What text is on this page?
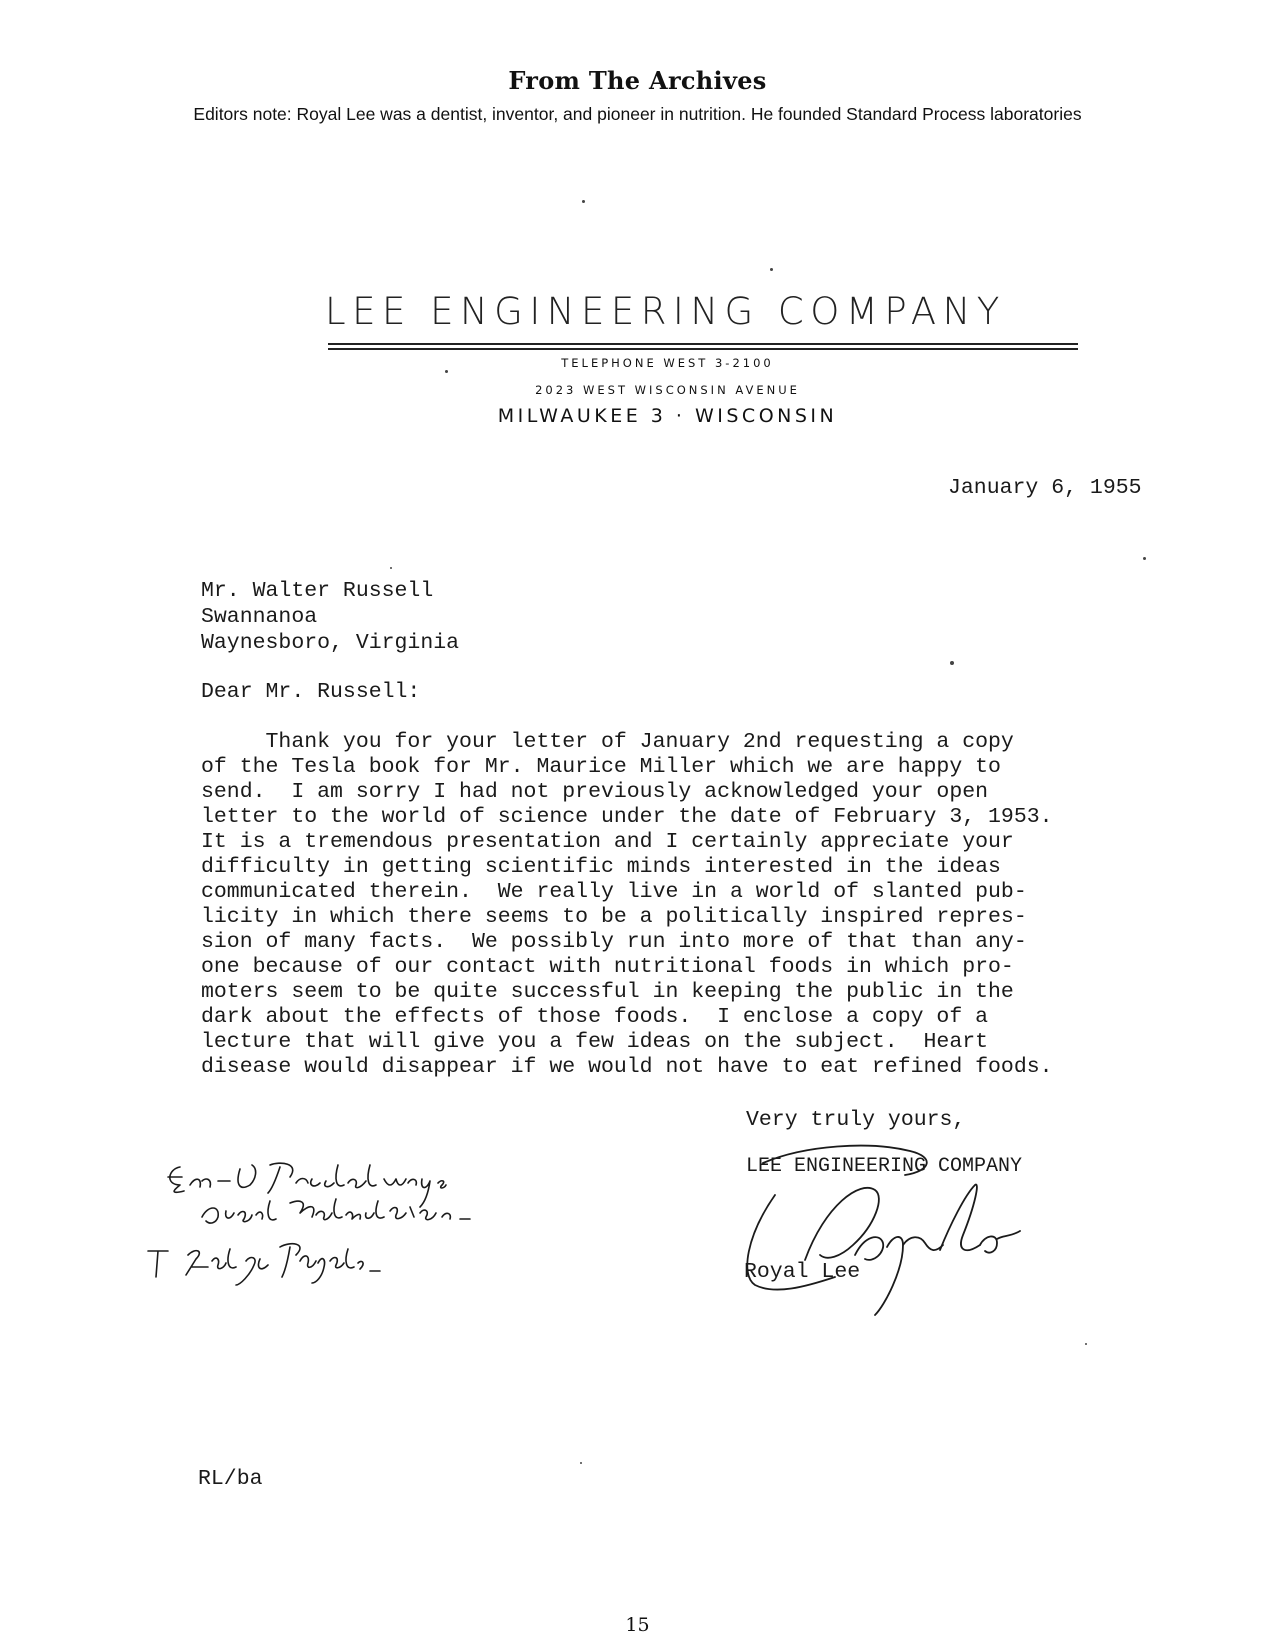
From The Archives
Editors note: Royal Lee was a dentist, inventor, and pioneer in nutrition. He founded Standard Process laboratories
LEE ENGINEERING COMPANY
TELEPHONE WEST 3-2100
2023 WEST WISCONSIN AVENUE
MILWAUKEE 3 · WISCONSIN
January 6, 1955
Mr. Walter Russell
Swannanoa
Waynesboro, Virginia
Dear Mr. Russell:
Thank you for your letter of January 2nd requesting a copy
of the Tesla book for Mr. Maurice Miller which we are happy to
send.  I am sorry I had not previously acknowledged your open
letter to the world of science under the date of February 3, 1953.
It is a tremendous presentation and I certainly appreciate your
difficulty in getting scientific minds interested in the ideas
communicated therein.  We really live in a world of slanted pub-
licity in which there seems to be a politically inspired repres-
sion of many facts.  We possibly run into more of that than any-
one because of our contact with nutritional foods in which pro-
moters seem to be quite successful in keeping the public in the
dark about the effects of those foods.  I enclose a copy of a
lecture that will give you a few ideas on the subject.  Heart
disease would disappear if we would not have to eat refined foods.
Very truly yours,
LEE ENGINEERING COMPANY
Royal Lee
RL/ba
15
